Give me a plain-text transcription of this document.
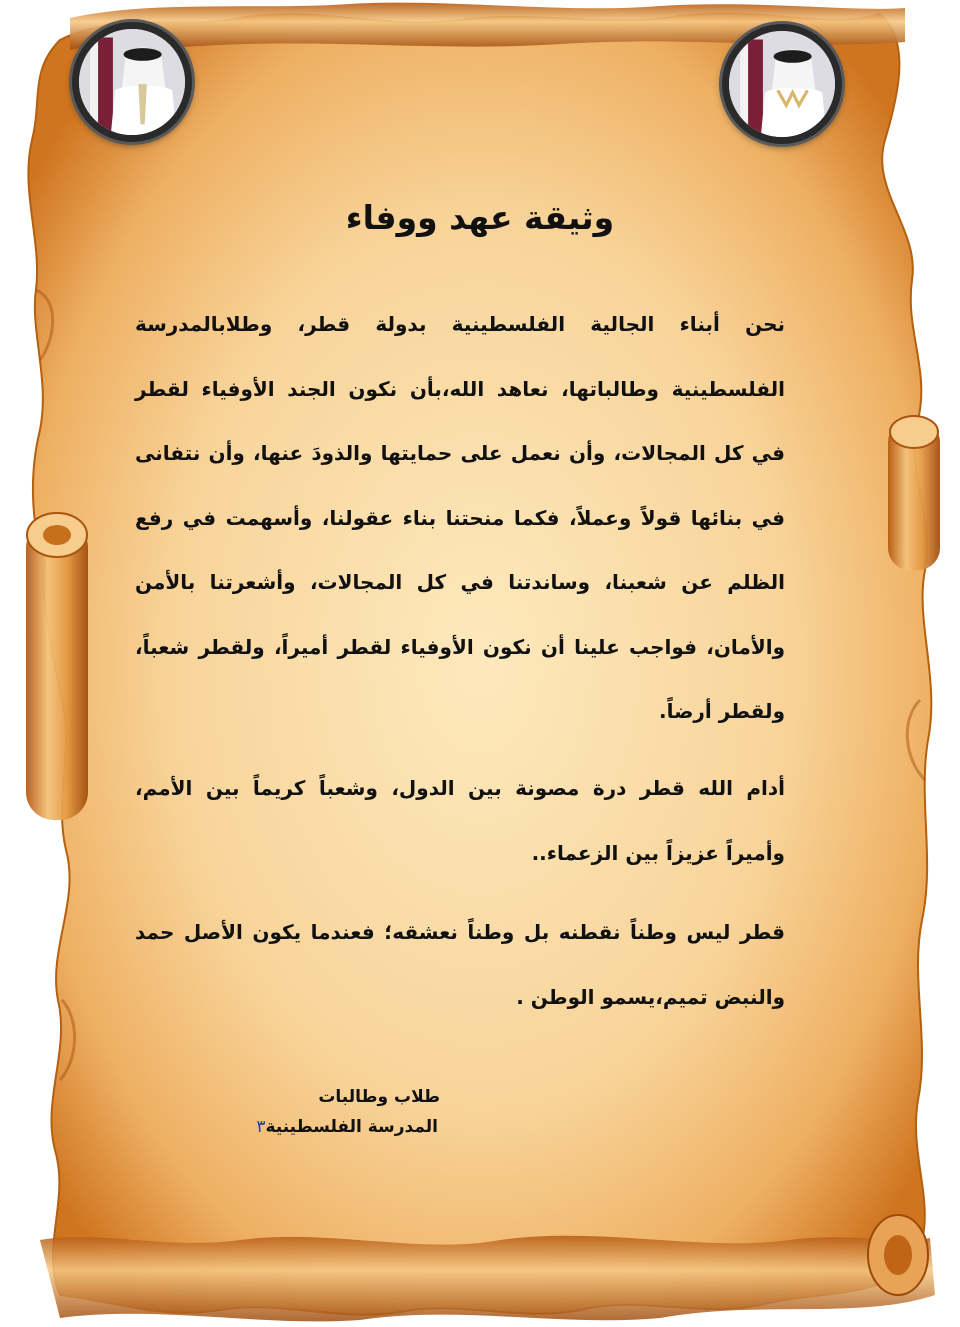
وثيقة عهد ووفاء
نحن أبناء الجالية الفلسطينية بدولة قطر، وطلابالمدرسة الفلسطينية وطالباتها، نعاهد الله،بأن نكون الجند الأوفياء لقطر في كل المجالات، وأن نعمل على حمايتها والذودَ عنها، وأن نتفانى في بنائها قولاً وعملاً، فكما منحتنا بناء عقولنا، وأسهمت في رفع الظلم عن شعبنا، وساندتنا في كل المجالات، وأشعرتنا بالأمن والأمان، فواجب علينا أن نكون الأوفياء لقطر أميراً، ولقطر شعباً، ولقطر أرضاً.
أدام الله قطر درة مصونة بين الدول، وشعباً كريماً بين الأمم، وأميراً عزيزاً بين الزعماء..
قطر ليس وطناً نقطنه بل وطناً نعشقه؛ فعندما يكون الأصل حمد والنبض تميم،يسمو الوطن .
طلاب وطالبات
المدرسة الفلسطينية٣
